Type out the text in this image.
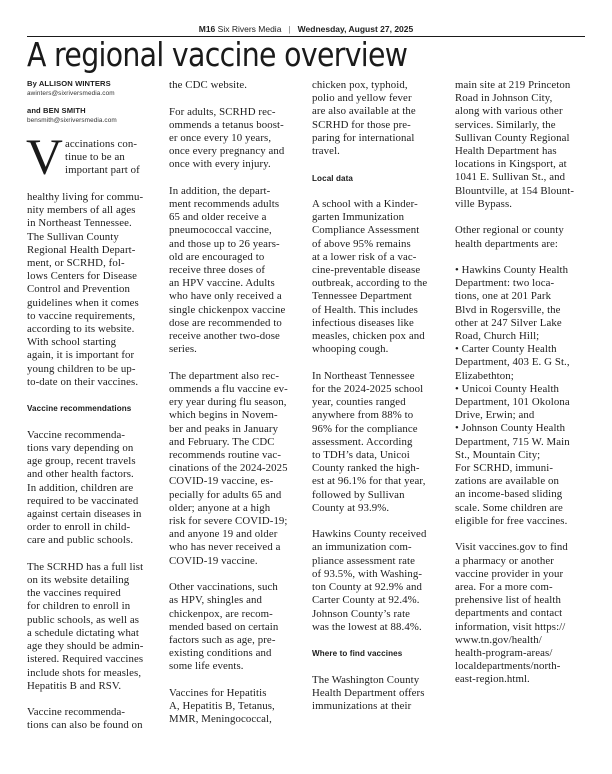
M16 Six Rivers Media | Wednesday, August 27, 2025
A regional vaccine overview
By ALLISON WINTERS
awinters@sixriversmedia.com
and BEN SMITH
bensmith@sixriversmedia.com
V accinations con-
tinue to be an
important part of
healthy living for commu-
nity members of all ages
in Northeast Tennessee.
The Sullivan County
Regional Health Depart-
ment, or SCRHD, fol-
lows Centers for Disease
Control and Prevention
guidelines when it comes
to vaccine requirements,
according to its website.
With school starting
again, it is important for
young children to be up-
to-date on their vaccines.
Vaccine recommendations
Vaccine recommenda-
tions vary depending on
age group, recent travels
and other health factors.
In addition, children are
required to be vaccinated
against certain diseases in
order to enroll in child-
care and public schools.
The SCRHD has a full list
on its website detailing
the vaccines required
for children to enroll in
public schools, as well as
a schedule dictating what
age they should be admin-
istered. Required vaccines
include shots for measles,
Hepatitis B and RSV.
Vaccine recommenda-
tions can also be found on
the CDC website.
For adults, SCRHD rec-
ommends a tetanus boost-
er once every 10 years,
once every pregnancy and
once with every injury.
In addition, the depart-
ment recommends adults
65 and older receive a
pneumococcal vaccine,
and those up to 26 years-
old are encouraged to
receive three doses of
an HPV vaccine. Adults
who have only received a
single chickenpox vaccine
dose are recommended to
receive another two-dose
series.
The department also rec-
ommends a flu vaccine ev-
ery year during flu season,
which begins in Novem-
ber and peaks in January
and February. The CDC
recommends routine vac-
cinations of the 2024-2025
COVID-19 vaccine, es-
pecially for adults 65 and
older; anyone at a high
risk for severe COVID-19;
and anyone 19 and older
who has never received a
COVID-19 vaccine.
Other vaccinations, such
as HPV, shingles and
chickenpox, are recom-
mended based on certain
factors such as age, pre-
existing conditions and
some life events.
Vaccines for Hepatitis
A, Hepatitis B, Tetanus,
MMR, Meningococcal,
chicken pox, typhoid,
polio and yellow fever
are also available at the
SCRHD for those pre-
paring for international
travel.
Local data
A school with a Kinder-
garten Immunization
Compliance Assessment
of above 95% remains
at a lower risk of a vac-
cine-preventable disease
outbreak, according to the
Tennessee Department
of Health. This includes
infectious diseases like
measles, chicken pox and
whooping cough.
In Northeast Tennessee
for the 2024-2025 school
year, counties ranged
anywhere from 88% to
96% for the compliance
assessment. According
to TDH’s data, Unicoi
County ranked the high-
est at 96.1% for that year,
followed by Sullivan
County at 93.9%.
Hawkins County received
an immunization com-
pliance assessment rate
of 93.5%, with Washing-
ton County at 92.9% and
Carter County at 92.4%.
Johnson County’s rate
was the lowest at 88.4%.
Where to find vaccines
The Washington County
Health Department offers
immunizations at their
main site at 219 Princeton
Road in Johnson City,
along with various other
services. Similarly, the
Sullivan County Regional
Health Department has
locations in Kingsport, at
1041 E. Sullivan St., and
Blountville, at 154 Blount-
ville Bypass.
Other regional or county
health departments are:
• Hawkins County Health
Department: two loca-
tions, one at 201 Park
Blvd in Rogersville, the
other at 247 Silver Lake
Road, Church Hill;
• Carter County Health
Department, 403 E. G St.,
Elizabethton;
• Unicoi County Health
Department, 101 Okolona
Drive, Erwin; and
• Johnson County Health
Department, 715 W. Main
St., Mountain City;
For SCRHD, immuni-
zations are available on
an income-based sliding
scale. Some children are
eligible for free vaccines.
Visit vaccines.gov to find
a pharmacy or another
vaccine provider in your
area. For a more com-
prehensive list of health
departments and contact
information, visit https://
www.tn.gov/health/
health-program-areas/
localdepartments/north-
east-region.html.
